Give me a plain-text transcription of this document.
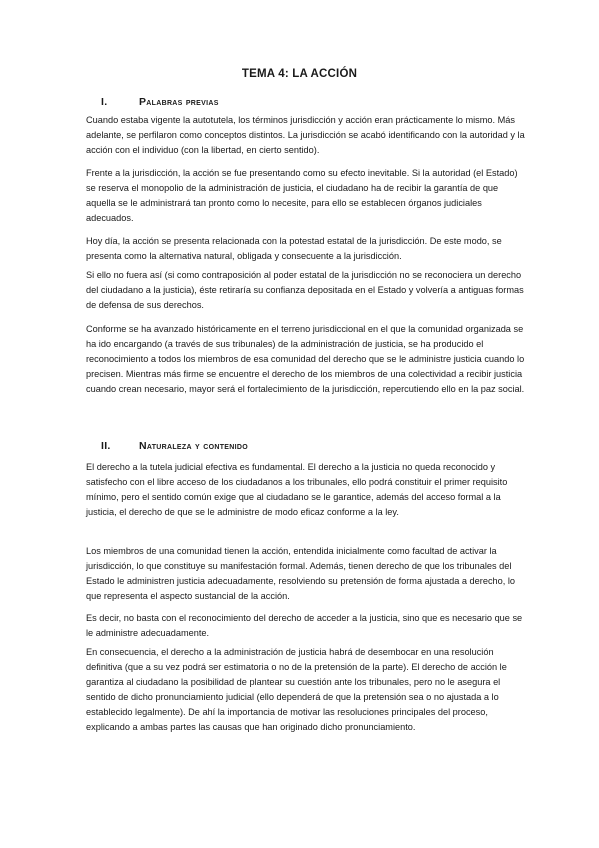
TEMA 4: LA ACCIÓN
I.	Palabras previas

Cuando estaba vigente la autotutela, los términos jurisdicción y acción eran prácticamente lo mismo. Más adelante, se perfilaron como conceptos distintos. La jurisdicción se acabó identificando con la autoridad y la acción con el individuo (con la libertad, en cierto sentido).

Frente a la jurisdicción, la acción se fue presentando como su efecto inevitable. Si la autoridad (el Estado) se reserva el monopolio de la administración de justicia, el ciudadano ha de recibir la garantía de que aquella se le administrará tan pronto como lo necesite, para ello se establecen órganos judiciales adecuados.

Hoy día, la acción se presenta relacionada con la potestad estatal de la jurisdicción. De este modo, se presenta como la alternativa natural, obligada y consecuente a la jurisdicción.

Si ello no fuera así (si como contraposición al poder estatal de la jurisdicción no se reconociera un derecho del ciudadano a la justicia), éste retiraría su confianza depositada en el Estado y volvería a antiguas formas de defensa de sus derechos.

Conforme se ha avanzado históricamente en el terreno jurisdiccional en el que la comunidad organizada se ha ido encargando (a través de sus tribunales) de la administración de justicia, se ha producido el reconocimiento a todos los miembros de esa comunidad del derecho que se le administre justicia cuando lo precisen. Mientras más firme se encuentre el derecho de los miembros de una colectividad a recibir justicia cuando crean necesario, mayor será el fortalecimiento de la jurisdicción, repercutiendo ello en la paz social.

II.	Naturaleza y contenido

El derecho a la tutela judicial efectiva es fundamental. El derecho a la justicia no queda reconocido y satisfecho con el libre acceso de los ciudadanos a los tribunales, ello podrá constituir el primer requisito mínimo, pero el sentido común exige que al ciudadano se le garantice, además del acceso formal a la justicia, el derecho de que se le administre de modo eficaz conforme a la ley.

Los miembros de una comunidad tienen la acción, entendida inicialmente como facultad de activar la jurisdicción, lo que constituye su manifestación formal. Además, tienen derecho de que los tribunales del Estado le administren justicia adecuadamente, resolviendo su pretensión de forma ajustada a derecho, lo que representa el aspecto sustancial de la acción.

Es decir, no basta con el reconocimiento del derecho de acceder a la justicia, sino que es necesario que se le administre adecuadamente.

En consecuencia, el derecho a la administración de justicia habrá de desembocar en una resolución definitiva (que a su vez podrá ser estimatoria o no de la pretensión de la parte). El derecho de acción le garantiza al ciudadano la posibilidad de plantear su cuestión ante los tribunales, pero no le asegura el sentido de dicho pronunciamiento judicial (ello dependerá de que la pretensión sea o no ajustada a lo establecido legalmente). De ahí la importancia de motivar las resoluciones principales del proceso, explicando a ambas partes las causas que han originado dicho pronunciamiento.
